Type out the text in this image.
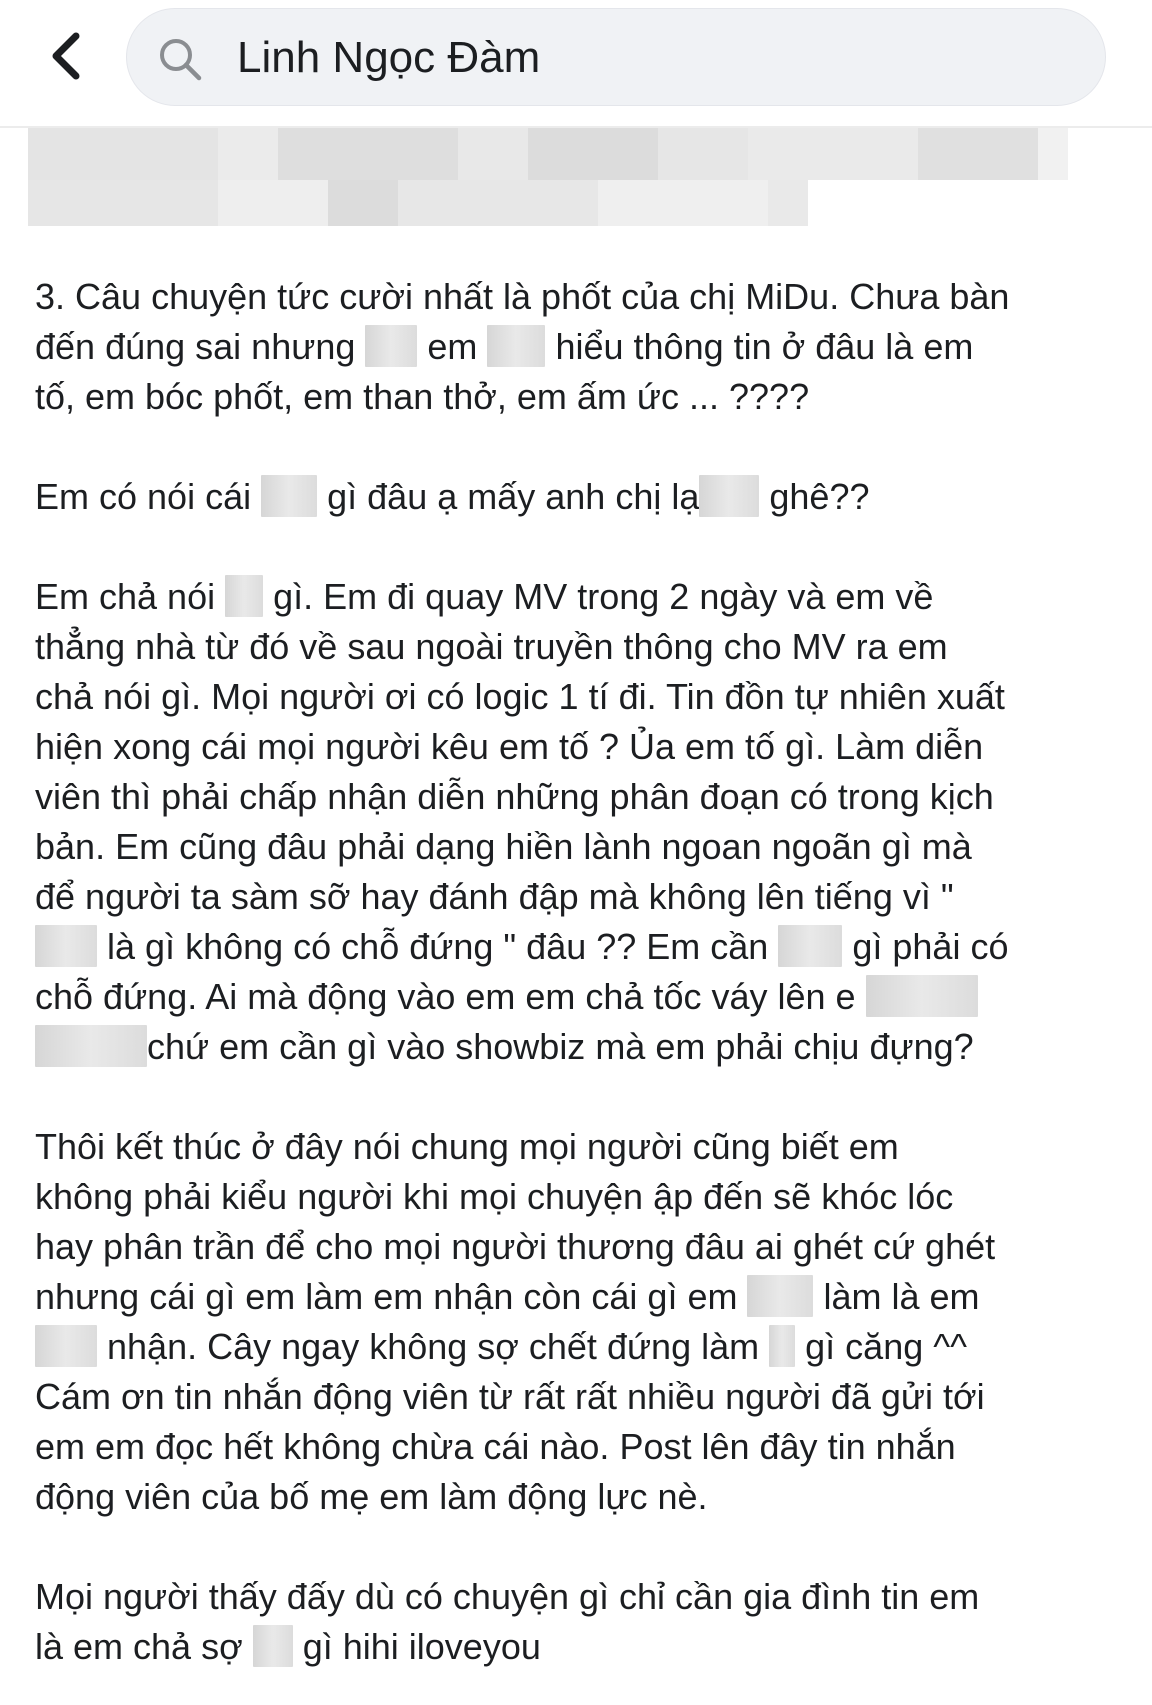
Linh Ngọc Đàm
3. Câu chuyện tức cười nhất là phốt của chị MiDu. Chưa bàn
đến đúng sai nhưng em hiểu thông tin ở đâu là em
tố, em bóc phốt, em than thở, em ấm ức ... ????
Em có nói cái gì đâu ạ mấy anh chị lạ ghê??
Em chả nói gì. Em đi quay MV trong 2 ngày và em về
thẳng nhà từ đó về sau ngoài truyền thông cho MV ra em
chả nói gì. Mọi người ơi có logic 1 tí đi. Tin đồn tự nhiên xuất
hiện xong cái mọi người kêu em tố ? Ủa em tố gì. Làm diễn
viên thì phải chấp nhận diễn những phân đoạn có trong kịch
bản. Em cũng đâu phải dạng hiền lành ngoan ngoãn gì mà
để người ta sàm sỡ hay đánh đập mà không lên tiếng vì "
là gì không có chỗ đứng " đâu ?? Em cần gì phải có
chỗ đứng. Ai mà động vào em em chả tốc váy lên e
chứ em cần gì vào showbiz mà em phải chịu đựng?
Thôi kết thúc ở đây nói chung mọi người cũng biết em
không phải kiểu người khi mọi chuyện ập đến sẽ khóc lóc
hay phân trần để cho mọi người thương đâu ai ghét cứ ghét
nhưng cái gì em làm em nhận còn cái gì em làm là em
nhận. Cây ngay không sợ chết đứng làm gì căng ^^
Cám ơn tin nhắn động viên từ rất rất nhiều người đã gửi tới
em em đọc hết không chừa cái nào. Post lên đây tin nhắn
động viên của bố mẹ em làm động lực nè.
Mọi người thấy đấy dù có chuyện gì chỉ cần gia đình tin em
là em chả sợ gì hihi iloveyou
